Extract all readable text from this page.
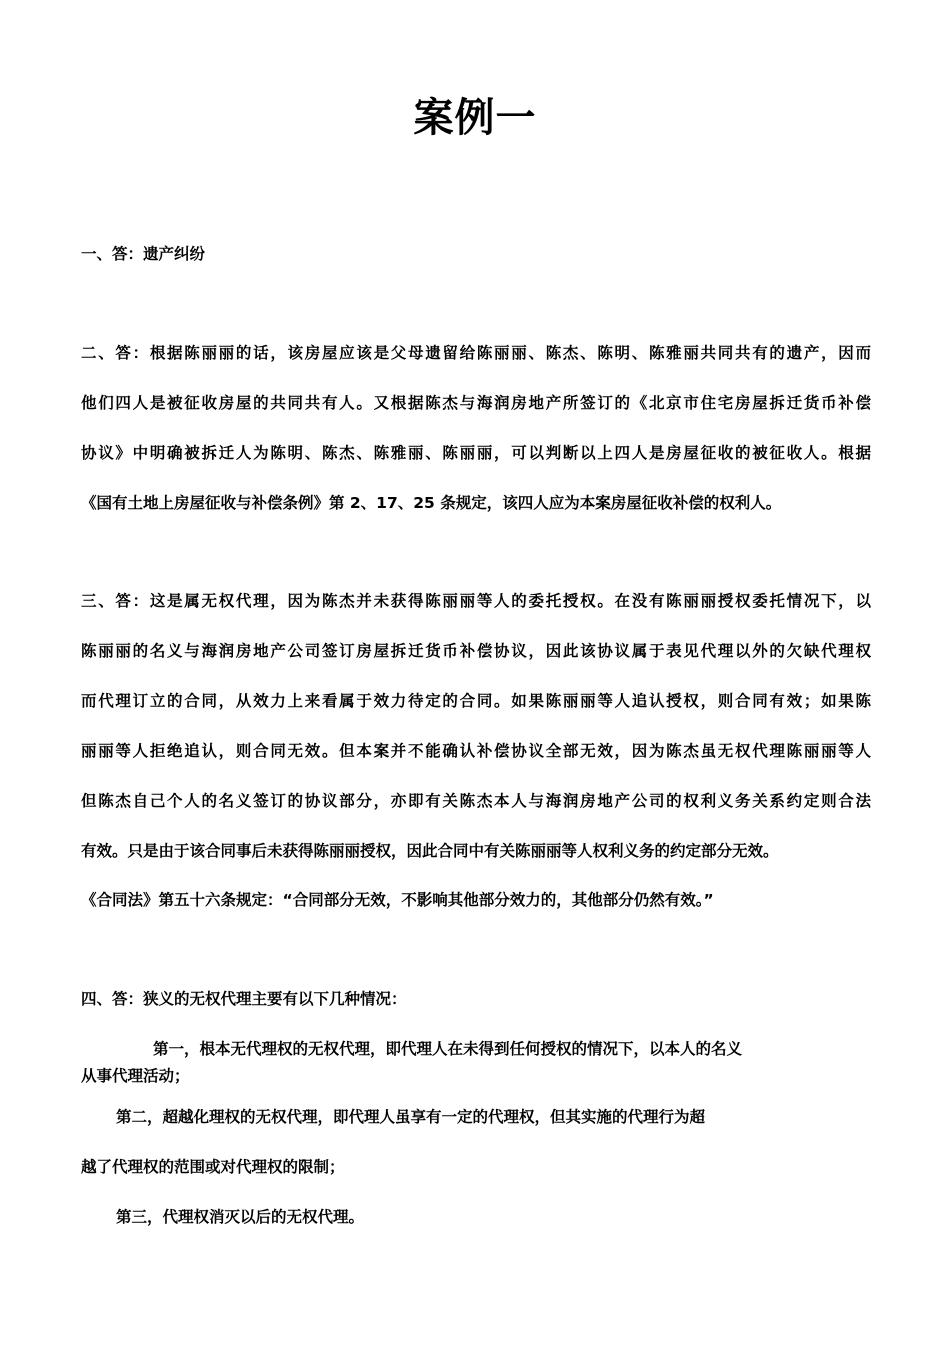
案例一
一、答：遗产纠纷
二、答：根据陈丽丽的话，该房屋应该是父母遗留给陈丽丽、陈杰、陈明、陈雅丽共同共有的遗产，因而
他们四人是被征收房屋的共同共有人。又根据陈杰与海润房地产所签订的《北京市住宅房屋拆迁货币补偿
协议》中明确被拆迁人为陈明、陈杰、陈雅丽、陈丽丽，可以判断以上四人是房屋征收的被征收人。根据
《国有土地上房屋征收与补偿条例》第 2、17、25 条规定，该四人应为本案房屋征收补偿的权利人。
三、答：这是属无权代理，因为陈杰并未获得陈丽丽等人的委托授权。在没有陈丽丽授权委托情况下，以
陈丽丽的名义与海润房地产公司签订房屋拆迁货币补偿协议，因此该协议属于表见代理以外的欠缺代理权
而代理订立的合同，从效力上来看属于效力待定的合同。如果陈丽丽等人追认授权，则合同有效；如果陈
丽丽等人拒绝追认，则合同无效。但本案并不能确认补偿协议全部无效，因为陈杰虽无权代理陈丽丽等人
但陈杰自己个人的名义签订的协议部分，亦即有关陈杰本人与海润房地产公司的权利义务关系约定则合法
有效。只是由于该合同事后未获得陈丽丽授权，因此合同中有关陈丽丽等人权利义务的约定部分无效。
《合同法》第五十六条规定：“合同部分无效，不影响其他部分效力的，其他部分仍然有效。”
四、答：狭义的无权代理主要有以下几种情况：
第一，根本无代理权的无权代理，即代理人在未得到任何授权的情况下，以本人的名义
从事代理活动；
第二，超越化理权的无权代理，即代理人虽享有一定的代理权，但其实施的代理行为超
越了代理权的范围或对代理权的限制；
第三，代理权消灭以后的无权代理。
